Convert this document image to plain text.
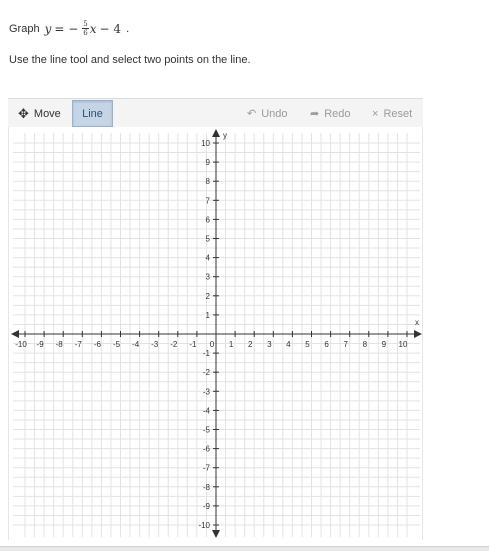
Graph y = − $\frac{5}{6}$ x − 4 .
Use the line tool and select two points on the line.
✥ Move Line	↶ Undo ➦ Redo × Reset
-10 -9 -8 -7 -6 -5 -4 -3 -2 -1 0 1 2 3 4 5 6 7 8 9 10
10
9
8
7
6
5
4
3
2
1
-1
-2
-3
-4
-5
-6
-7
-8
-9
-10
x
y
